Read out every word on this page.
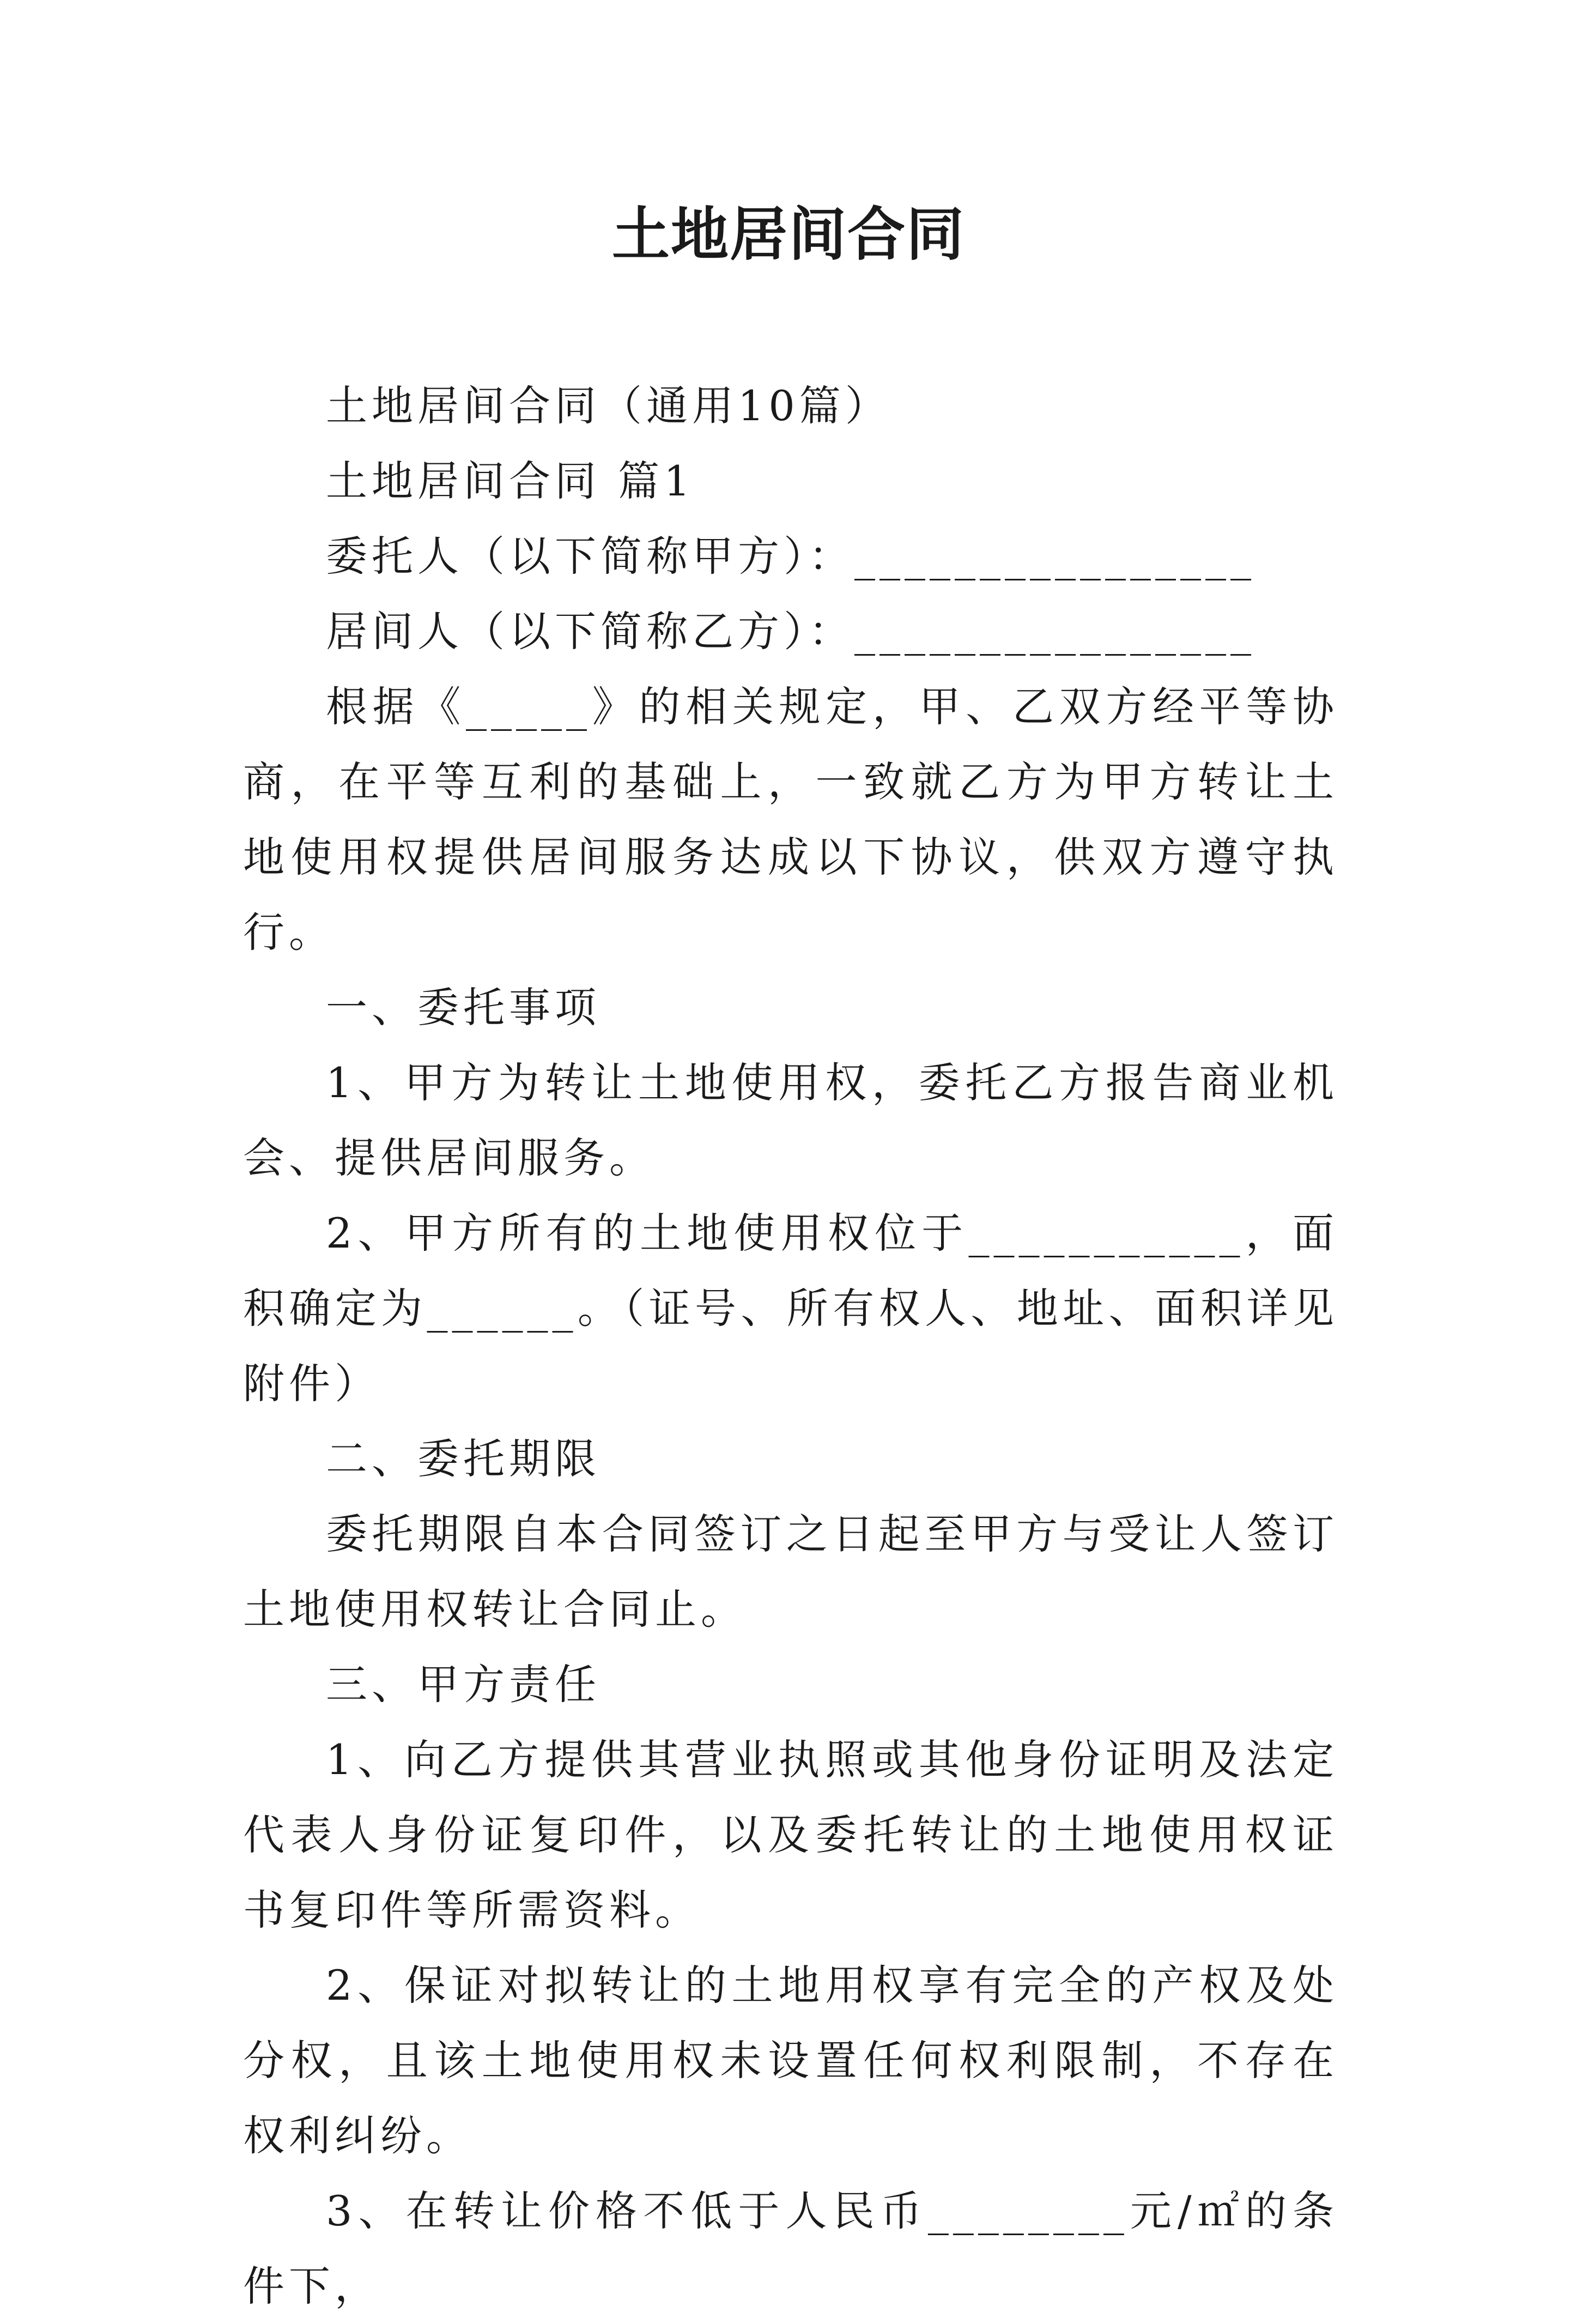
土地居间合同

土地居间合同（通用10篇）

土地居间合同 篇1

委托人（以下简称甲方）：________________

居间人（以下简称乙方）：________________

根据《_____》的相关规定，甲、乙双方经平等协商，在平等互利的基础上，一致就乙方为甲方转让土地使用权提供居间服务达成以下协议，供双方遵守执行。

一、委托事项

1、甲方为转让土地使用权，委托乙方报告商业机会、提供居间服务。

2、甲方所有的土地使用权位于___________，面积确定为______。（证号、所有权人、地址、面积详见附件）

二、委托期限

委托期限自本合同签订之日起至甲方与受让人签订土地使用权转让合同止。

三、甲方责任

1、向乙方提供其营业执照或其他身份证明及法定代表人身份证复印件，以及委托转让的土地使用权证书复印件等所需资料。

2、保证对拟转让的土地用权享有完全的产权及处分权，且该土地使用权未设置任何权利限制，不存在权利纠纷。

3、在转让价格不低于人民币________元/㎡的条件下，
